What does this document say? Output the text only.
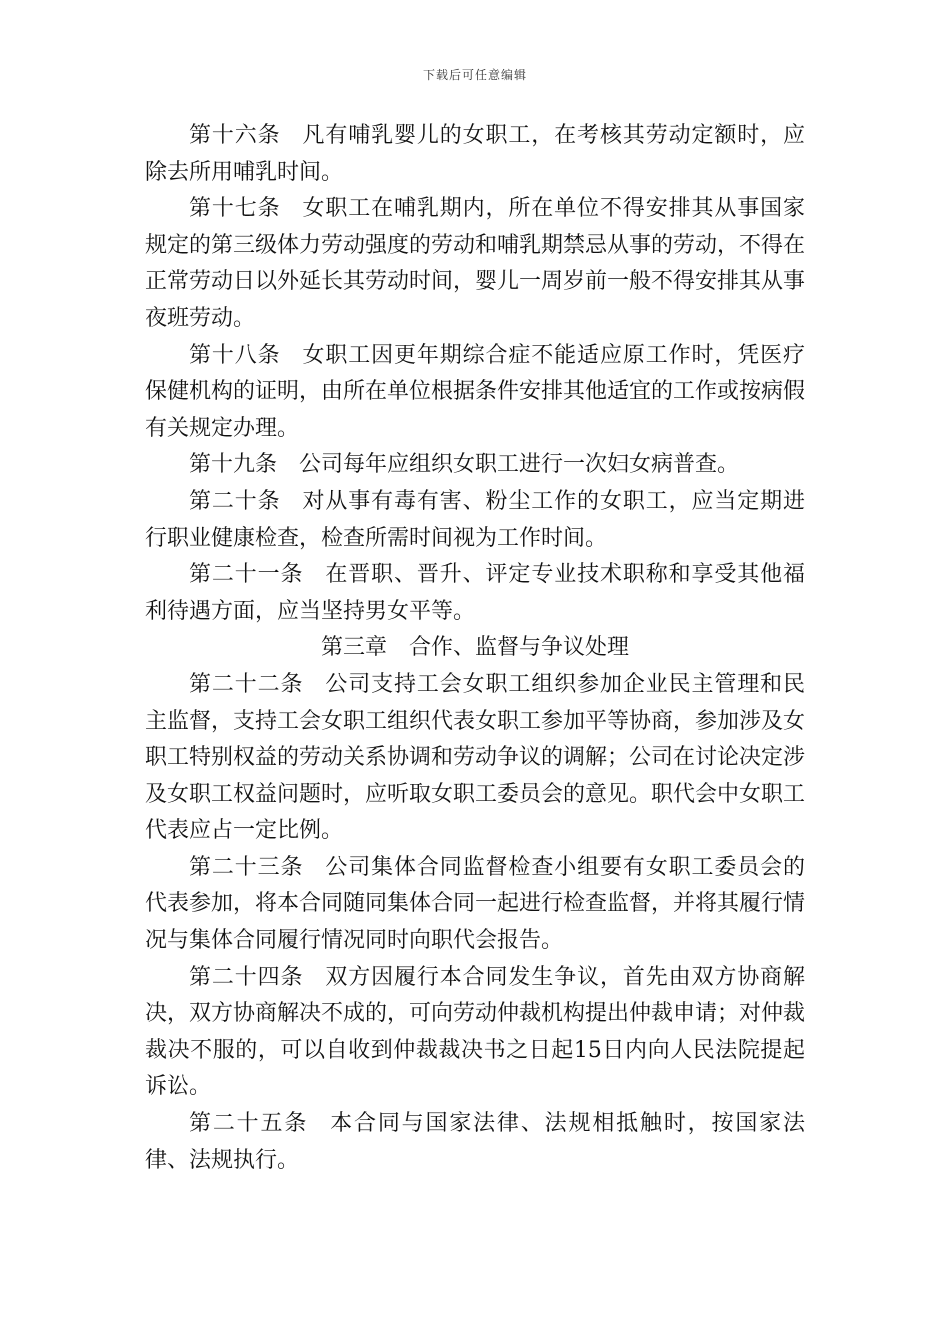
下载后可任意编辑

第十六条 凡有哺乳婴儿的女职工，在考核其劳动定额时，应除去所用哺乳时间。

第十七条 女职工在哺乳期内，所在单位不得安排其从事国家规定的第三级体力劳动强度的劳动和哺乳期禁忌从事的劳动，不得在正常劳动日以外延长其劳动时间，婴儿一周岁前一般不得安排其从事夜班劳动。

第十八条 女职工因更年期综合症不能适应原工作时，凭医疗保健机构的证明，由所在单位根据条件安排其他适宜的工作或按病假有关规定办理。

第十九条 公司每年应组织女职工进行一次妇女病普查。

第二十条 对从事有毒有害、粉尘工作的女职工，应当定期进行职业健康检查，检查所需时间视为工作时间。

第二十一条 在晋职、晋升、评定专业技术职称和享受其他福利待遇方面，应当坚持男女平等。

第三章　合作、监督与争议处理

第二十二条 公司支持工会女职工组织参加企业民主管理和民主监督，支持工会女职工组织代表女职工参加平等协商，参加涉及女职工特别权益的劳动关系协调和劳动争议的调解；公司在讨论决定涉及女职工权益问题时，应听取女职工委员会的意见。职代会中女职工代表应占一定比例。

第二十三条 公司集体合同监督检查小组要有女职工委员会的代表参加，将本合同随同集体合同一起进行检查监督，并将其履行情况与集体合同履行情况同时向职代会报告。

第二十四条 双方因履行本合同发生争议，首先由双方协商解决，双方协商解决不成的，可向劳动仲裁机构提出仲裁申请；对仲裁裁决不服的，可以自收到仲裁裁决书之日起15日内向人民法院提起诉讼。

第二十五条 本合同与国家法律、法规相抵触时，按国家法律、法规执行。
